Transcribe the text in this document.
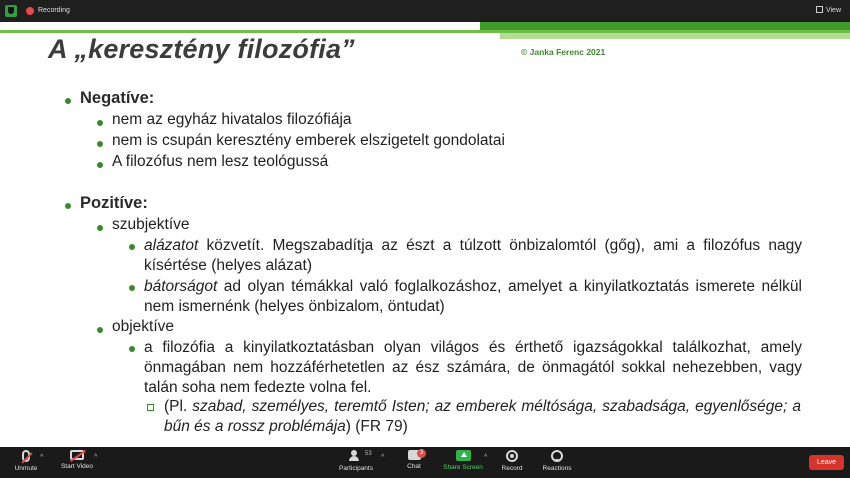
Recording	View
A „keresztény filozófia”	© Janka Ferenc 2021
Negatíve:
nem az egyház hivatalos filozófiája
nem is csupán keresztény emberek elszigetelt gondolatai
A filozófus nem lesz teológussá
Pozitíve:
szubjektíve
alázatot közvetít. Megszabadítja az észt a túlzott önbizalomtól (gőg), ami a filozófus nagy kísértése (helyes alázat)
bátorságot ad olyan témákkal való foglalkozáshoz, amelyet a kinyilatkoztatás ismerete nélkül nem ismernénk (helyes önbizalom, öntudat)
objektíve
a filozófia a kinyilatkoztatásban olyan világos és érthető igazságokkal találkozhat, amely önmagában nem hozzáférhetetlen az ész számára, de önmagától sokkal nehezebben, vagy talán soha nem fedezte volna fel.
(Pl. szabad, személyes, teremtő Isten; az emberek méltósága, szabadsága, egyenlősége; a bűn és a rossz problémája) (FR 79)
Unmute
^
Start Video
^
Participants
53 ^
Chat
3
Share Screen
^
Record	Reactions
Leave
